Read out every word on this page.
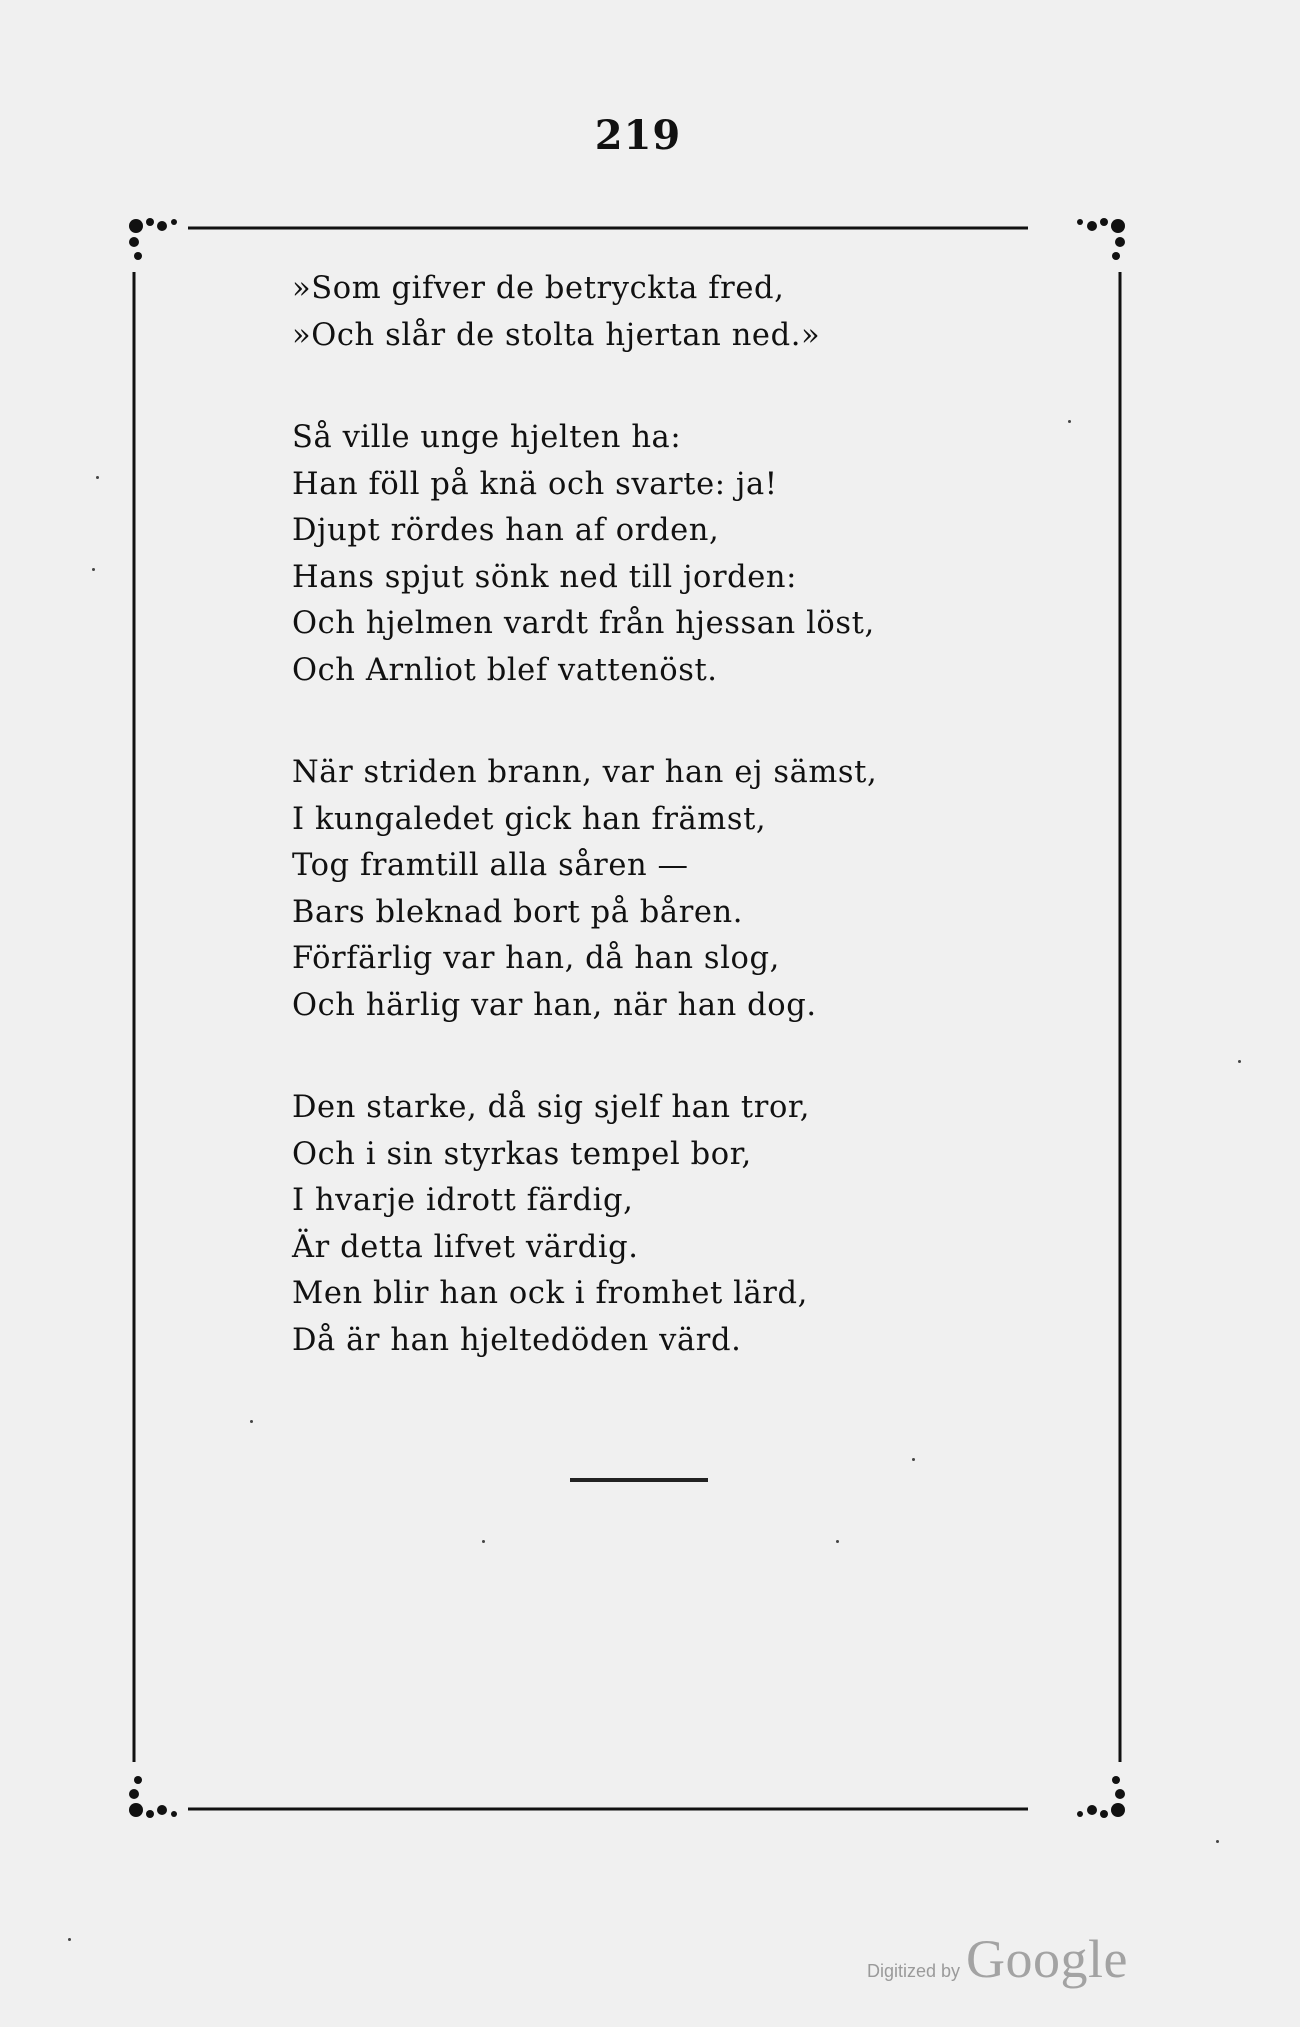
219
»Som gifver de betryckta fred,
»Och slår de stolta hjertan ned.»
Så ville unge hjelten ha:
Han föll på knä och svarte: ja!
Djupt rördes han af orden,
Hans spjut sönk ned till jorden:
Och hjelmen vardt från hjessan löst,
Och Arnliot blef vattenöst.
När striden brann, var han ej sämst,
I kungaledet gick han främst,
Tog framtill alla såren —
Bars bleknad bort på båren.
Förfärlig var han, då han slog,
Och härlig var han, när han dog.
Den starke, då sig sjelf han tror,
Och i sin styrkas tempel bor,
I hvarje idrott färdig,
Är detta lifvet värdig.
Men blir han ock i fromhet lärd,
Då är han hjeltedöden värd.
Digitized by Google
